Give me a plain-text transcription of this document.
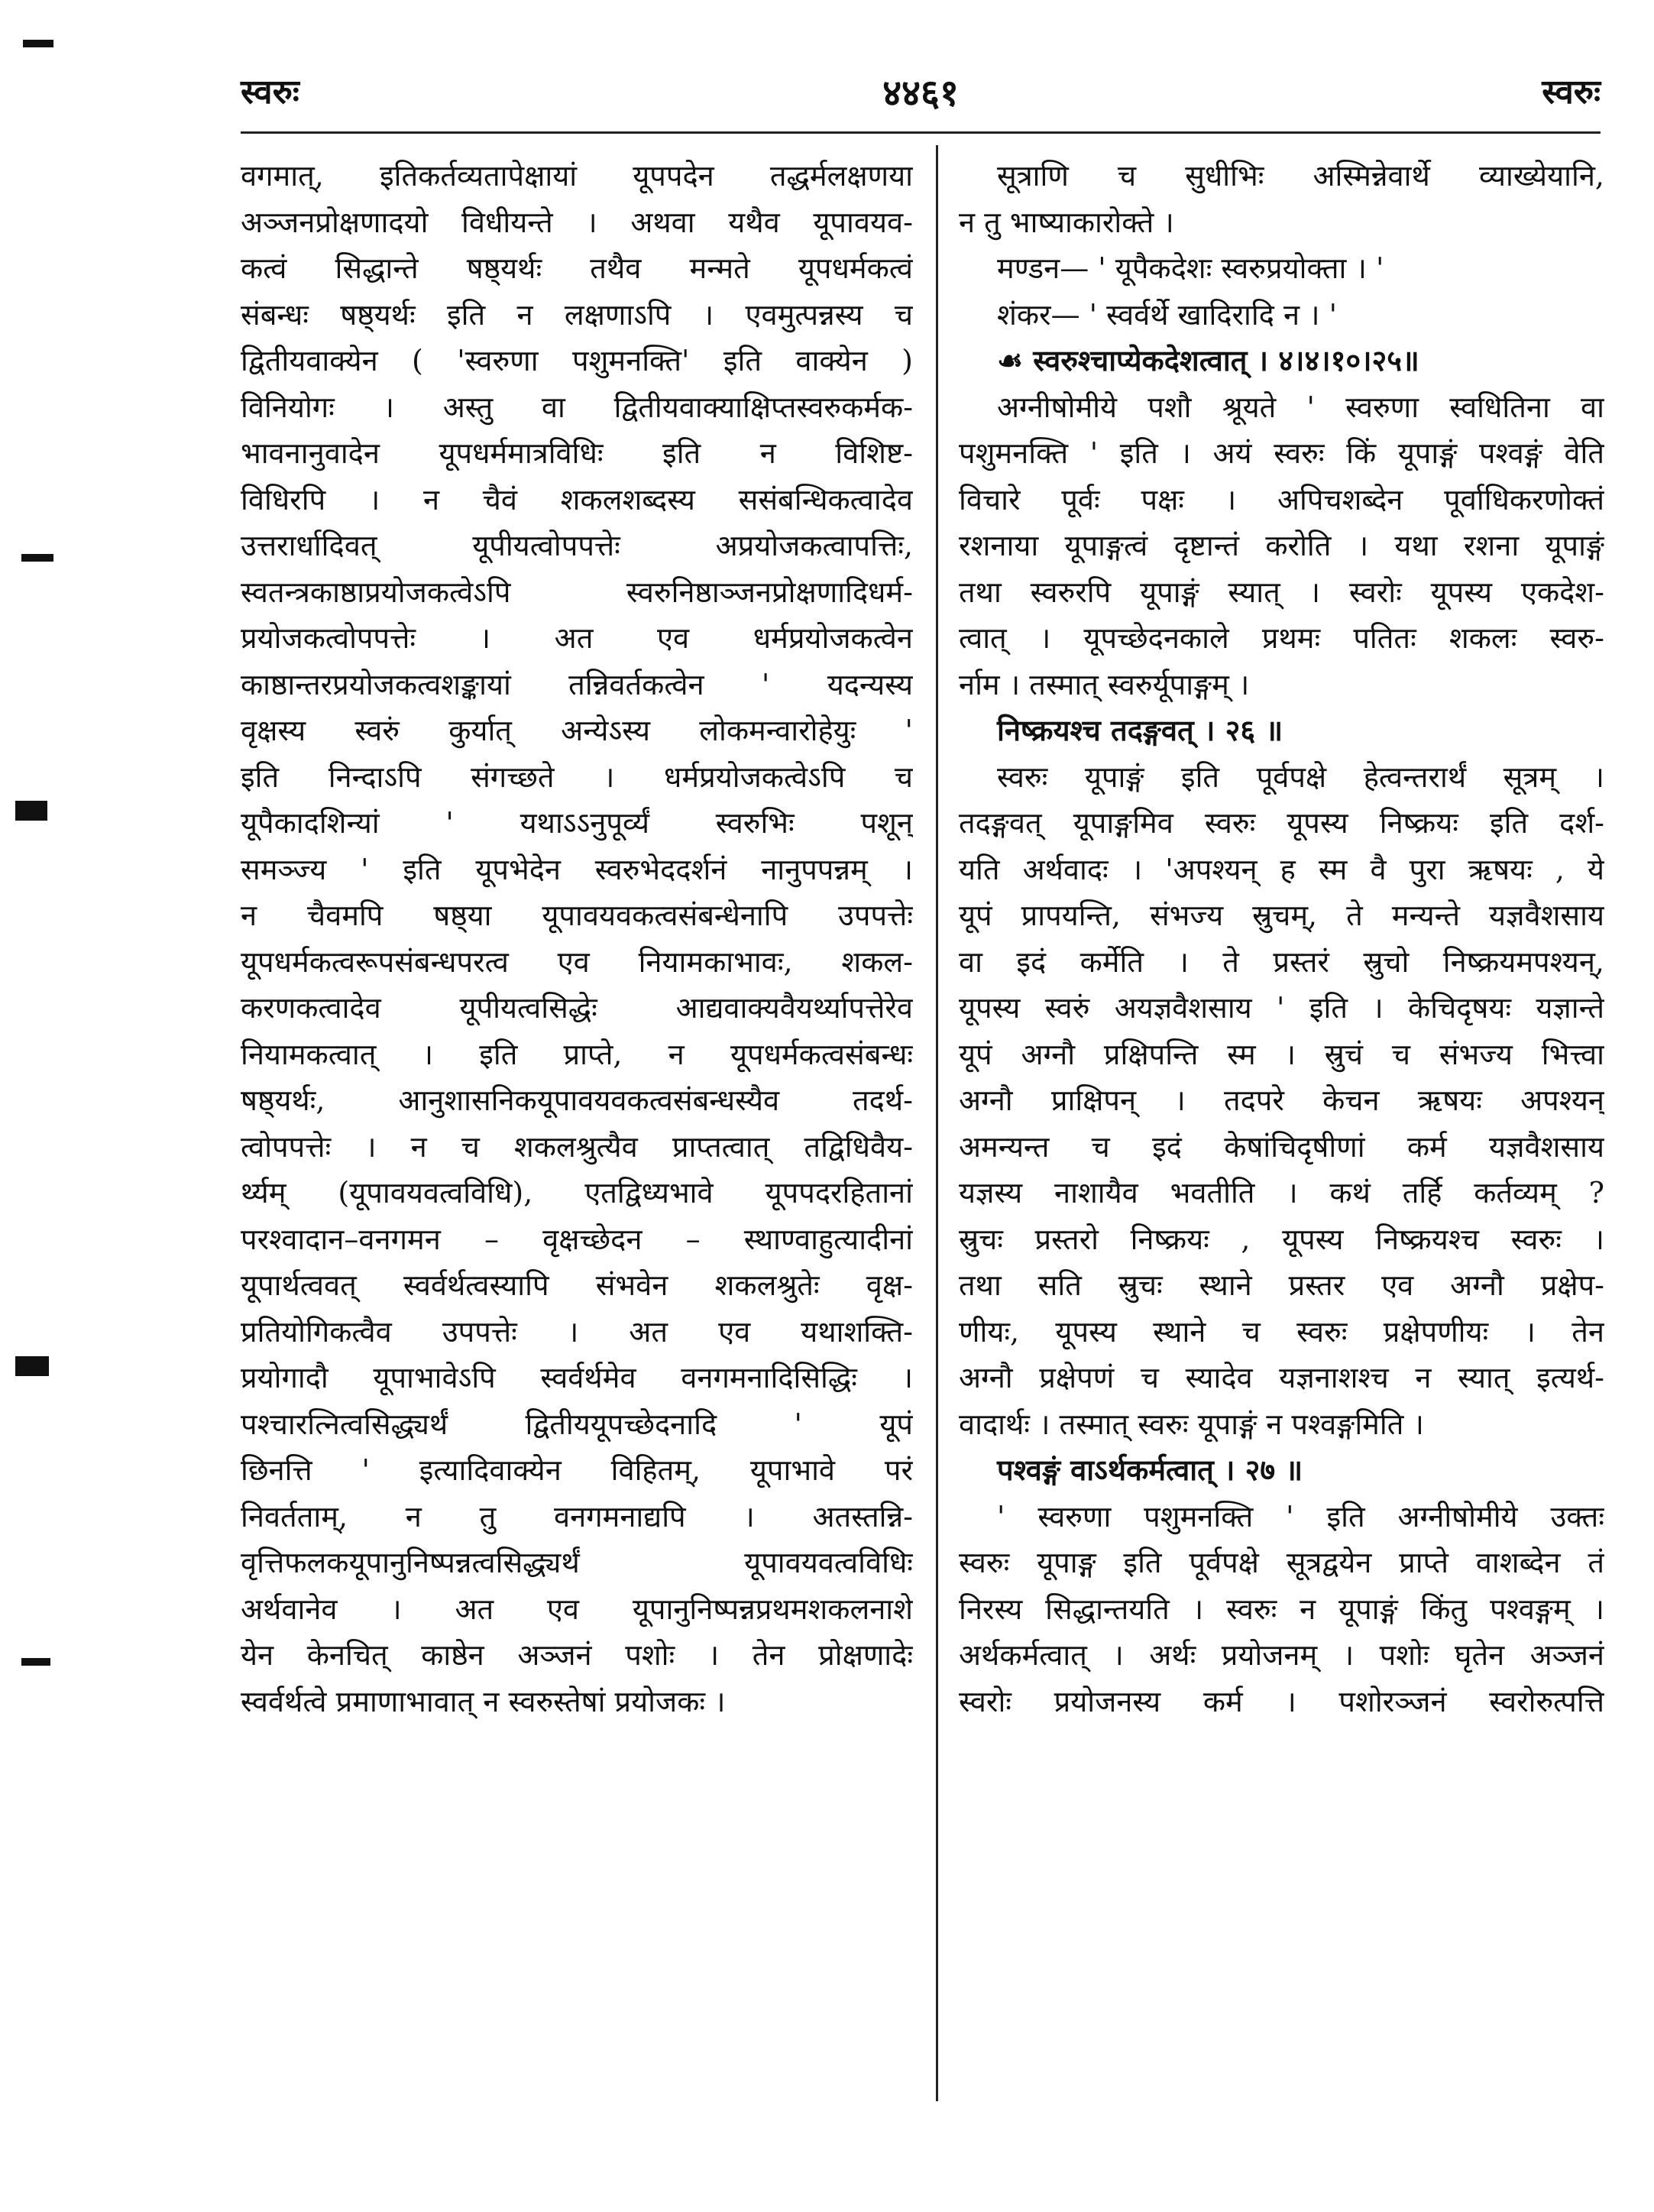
स्वरुः	४४६१	स्वरुः
वगमात्, इतिकर्तव्यतापेक्षायां यूपपदेन तद्धर्मलक्षणया
अञ्जनप्रोक्षणादयो विधीयन्ते । अथवा यथैव यूपावयव-
कत्वं सिद्धान्ते षष्ठ्यर्थः तथैव मन्मते यूपधर्मकत्वं
संबन्धः षष्ठ्यर्थः इति न लक्षणाऽपि । एवमुत्पन्नस्य च
द्वितीयवाक्येन ( 'स्वरुणा पशुमनक्ति' इति वाक्येन )
विनियोगः । अस्तु वा द्वितीयवाक्याक्षिप्तस्वरुकर्मक-
भावनानुवादेन यूपधर्ममात्रविधिः इति न विशिष्ट-
विधिरपि । न चैवं शकलशब्दस्य ससंबन्धिकत्वादेव
उत्तरार्धादिवत् यूपीयत्वोपपत्तेः अप्रयोजकत्वापत्तिः,
स्वतन्त्रकाष्ठाप्रयोजकत्वेऽपि स्वरुनिष्ठाञ्जनप्रोक्षणादिधर्म-
प्रयोजकत्वोपपत्तेः । अत एव धर्मप्रयोजकत्वेन
काष्ठान्तरप्रयोजकत्वशङ्कायां तन्निवर्तकत्वेन ' यदन्यस्य
वृक्षस्य स्वरुं कुर्यात् अन्येऽस्य लोकमन्वारोहेयुः '
इति निन्दाऽपि संगच्छते । धर्मप्रयोजकत्वेऽपि च
यूपैकादशिन्यां ' यथाऽऽनुपूर्व्यं स्वरुभिः पशून्
समञ्ज्य ' इति यूपभेदेन स्वरुभेददर्शनं नानुपपन्नम् ।
न चैवमपि षष्ठ्या यूपावयवकत्वसंबन्धेनापि उपपत्तेः
यूपधर्मकत्वरूपसंबन्धपरत्व एव नियामकाभावः, शकल-
करणकत्वादेव यूपीयत्वसिद्धेः आद्यवाक्यवैयर्थ्यापत्तेरेव
नियामकत्वात् । इति प्राप्ते, न यूपधर्मकत्वसंबन्धः
षष्ठ्यर्थः, आनुशासनिकयूपावयवकत्वसंबन्धस्यैव तदर्थ-
त्वोपपत्तेः । न च शकलश्रुत्यैव प्राप्तत्वात् तद्विधिवैय-
र्थ्यम् (यूपावयवत्वविधि), एतद्विध्यभावे यूपपदरहितानां
परश्वादान–वनगमन – वृक्षच्छेदन – स्थाण्वाहुत्यादीनां
यूपार्थत्ववत् स्वर्वर्थत्वस्यापि संभवेन शकलश्रुतेः वृक्ष-
प्रतियोगिकत्वैव उपपत्तेः । अत एव यथाशक्ति-
प्रयोगादौ यूपाभावेऽपि स्वर्वर्थमेव वनगमनादिसिद्धिः ।
पश्चारत्नित्वसिद्ध्यर्थं द्वितीययूपच्छेदनादि ' यूपं
छिनत्ति ' इत्यादिवाक्येन विहितम्, यूपाभावे परं
निवर्तताम्, न तु वनगमनाद्यपि । अतस्तन्नि-
वृत्तिफलकयूपानुनिष्पन्नत्वसिद्ध्यर्थं यूपावयवत्वविधिः
अर्थवानेव । अत एव यूपानुनिष्पन्नप्रथमशकलनाशे
येन केनचित् काष्ठेन अञ्जनं पशोः । तेन प्रोक्षणादेः
स्वर्वर्थत्वे प्रमाणाभावात् न स्वरुस्तेषां प्रयोजकः ।
सूत्राणि च सुधीभिः अस्मिन्नेवार्थे व्याख्येयानि,
न तु भाष्याकारोक्ते ।
मण्डन— ' यूपैकदेशः स्वरुप्रयोक्ता । '
शंकर— ' स्वर्वर्थे खादिरादि न । '
☙ स्वरुश्चाप्येकदेशत्वात् । ४।४।१०।२५॥
अग्नीषोमीये पशौ श्रूयते ' स्वरुणा स्वधितिना वा
पशुमनक्ति ' इति । अयं स्वरुः किं यूपाङ्गं पश्वङ्गं वेति
विचारे पूर्वः पक्षः । अपिचशब्देन पूर्वाधिकरणोक्तं
रशनाया यूपाङ्गत्वं दृष्टान्तं करोति । यथा रशना यूपाङ्गं
तथा स्वरुरपि यूपाङ्गं स्यात् । स्वरोः यूपस्य एकदेश-
त्वात् । यूपच्छेदनकाले प्रथमः पतितः शकलः स्वरु-
र्नाम । तस्मात् स्वरुर्यूपाङ्गम् ।
निष्क्रयश्च तदङ्गवत् । २६ ॥
स्वरुः यूपाङ्गं इति पूर्वपक्षे हेत्वन्तरार्थं सूत्रम् ।
तदङ्गवत् यूपाङ्गमिव स्वरुः यूपस्य निष्क्रयः इति दर्श-
यति अर्थवादः । 'अपश्यन् ह स्म वै पुरा ऋषयः , ये
यूपं प्रापयन्ति, संभज्य स्रुचम्, ते मन्यन्ते यज्ञवैशसाय
वा इदं कर्मेति । ते प्रस्तरं स्रुचो निष्क्रयमपश्यन्,
यूपस्य स्वरुं अयज्ञवैशसाय ' इति । केचिदृषयः यज्ञान्ते
यूपं अग्नौ प्रक्षिपन्ति स्म । स्रुचं च संभज्य भित्त्वा
अग्नौ प्राक्षिपन् । तदपरे केचन ऋषयः अपश्यन्
अमन्यन्त च इदं केषांचिदृषीणां कर्म यज्ञवैशसाय
यज्ञस्य नाशायैव भवतीति । कथं तर्हि कर्तव्यम् ?
स्रुचः प्रस्तरो निष्क्रयः , यूपस्य निष्क्रयश्च स्वरुः ।
तथा सति स्रुचः स्थाने प्रस्तर एव अग्नौ प्रक्षेप-
णीयः, यूपस्य स्थाने च स्वरुः प्रक्षेपणीयः । तेन
अग्नौ प्रक्षेपणं च स्यादेव यज्ञनाशश्च न स्यात् इत्यर्थ-
वादार्थः । तस्मात् स्वरुः यूपाङ्गं न पश्वङ्गमिति ।
पश्वङ्गं वाऽर्थकर्मत्वात् । २७ ॥
' स्वरुणा पशुमनक्ति ' इति अग्नीषोमीये उक्तः
स्वरुः यूपाङ्ग इति पूर्वपक्षे सूत्रद्वयेन प्राप्ते वाशब्देन तं
निरस्य सिद्धान्तयति । स्वरुः न यूपाङ्गं किंतु पश्वङ्गम् ।
अर्थकर्मत्वात् । अर्थः प्रयोजनम् । पशोः घृतेन अञ्जनं
स्वरोः प्रयोजनस्य कर्म । पशोरञ्जनं स्वरोरुत्पत्ति
